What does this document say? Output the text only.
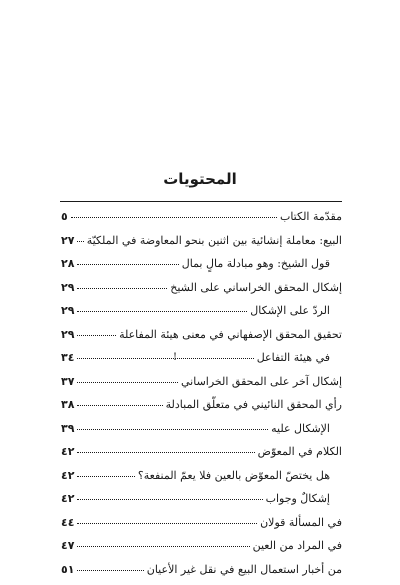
المحتويات
مقدّمة الكتاب
٥
البيع: معاملة إنشائية بين اثنين بنحو المعاوضة في الملكيّة
٢٧
قول الشيخ: وهو مبادلة مالٍ بمال
٢٨
إشكال المحقق الخراساني على الشيخ
٢٩
الردّ على الإشكال
٢٩
تحقيق المحقق الإصفهاني في معنى هيئة المفاعلة
٢٩
في هيئة التفاعل
٣٤	!
إشكال آخر على المحقق الخراساني
٣٧
رأي المحقق النائيني في متعلّق المبادلة
٣٨
الإشكال عليه
٣٩
الكلام في المعوّض
٤٢
هل يختصّ المعوّض بالعين فلا يعمّ المنفعة؟
٤٢
إشكالٌ وجواب
٤٢
في المسألة قولان
٤٤
في المراد من العين
٤٧
من أخبار استعمال البيع في نقل غير الأعيان
٥١
